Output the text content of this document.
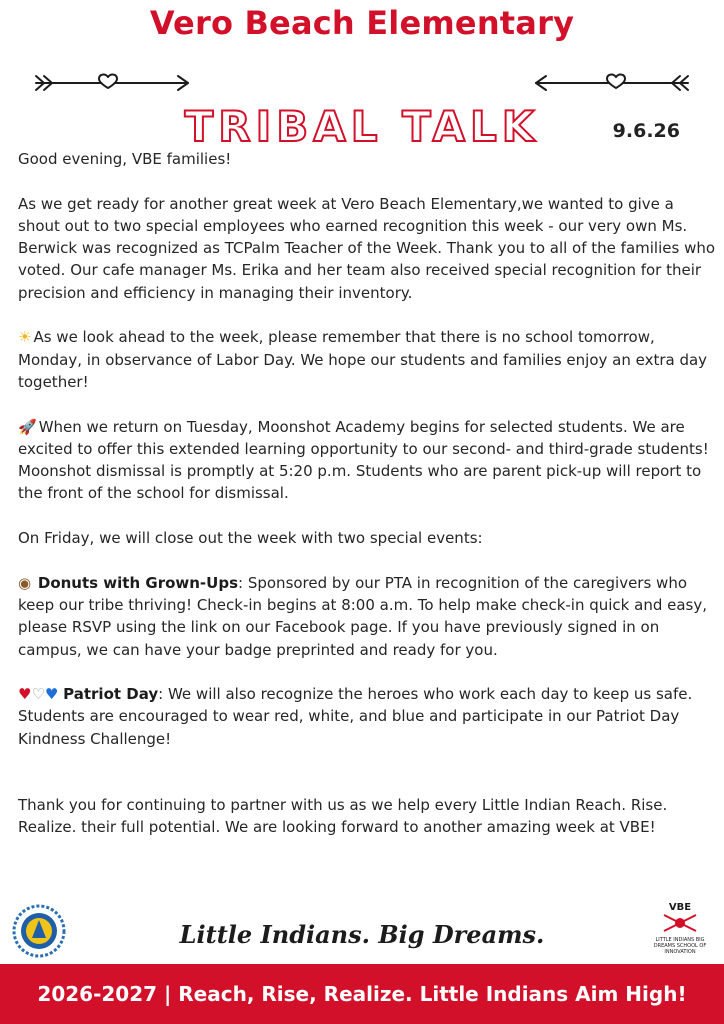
Vero Beach Elementary
TRIBAL TALK	9.6.26

Good evening, VBE families!

As we get ready for another great week at Vero Beach Elementary,we wanted to give a shout out to two special employees who earned recognition this week - our very own Ms. Berwick was recognized as TCPalm Teacher of the Week. Thank you to all of the families who voted. Our cafe manager Ms. Erika and her team also received special recognition for their precision and efficiency in managing their inventory.

☀ As we look ahead to the week, please remember that there is no school tomorrow, Monday, in observance of Labor Day. We hope our students and families enjoy an extra day together!

🚀 When we return on Tuesday, Moonshot Academy begins for selected students. We are excited to offer this extended learning opportunity to our second- and third-grade students! Moonshot dismissal is promptly at 5:20 p.m. Students who are parent pick-up will report to the front of the school for dismissal.

On Friday, we will close out the week with two special events:

◉ Donuts with Grown-Ups: Sponsored by our PTA in recognition of the caregivers who keep our tribe thriving! Check-in begins at 8:00 a.m. To help make check-in quick and easy, please RSVP using the link on our Facebook page. If you have previously signed in on campus, we can have your badge preprinted and ready for you.

♥♡♥ Patriot Day: We will also recognize the heroes who work each day to keep us safe. Students are encouraged to wear red, white, and blue and participate in our Patriot Day Kindness Challenge!

Thank you for continuing to partner with us as we help every Little Indian Reach. Rise. Realize. their full potential. We are looking forward to another amazing week at VBE!

Little Indians. Big Dreams.
VBE
LITTLE INDIANS BIG DREAMS SCHOOL OF INNOVATION
2026-2027 | Reach, Rise, Realize. Little Indians Aim High!
